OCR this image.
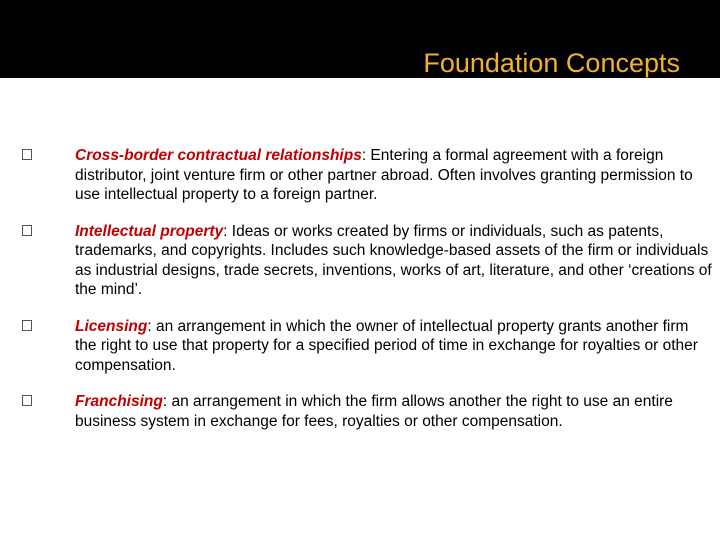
Foundation Concepts
Cross-border contractual relationships: Entering a formal agreement with a foreign distributor, joint venture firm or other partner abroad. Often involves granting permission to use intellectual property to a foreign partner.
Intellectual property: Ideas or works created by firms or individuals, such as patents, trademarks, and copyrights. Includes such knowledge-based assets of the firm or individuals as industrial designs, trade secrets, inventions, works of art, literature, and other ‘creations of the mind’.
Licensing: an arrangement in which the owner of intellectual property grants another firm the right to use that property for a specified period of time in exchange for royalties or other compensation.
Franchising: an arrangement in which the firm allows another the right to use an entire business system in exchange for fees, royalties or other compensation.
